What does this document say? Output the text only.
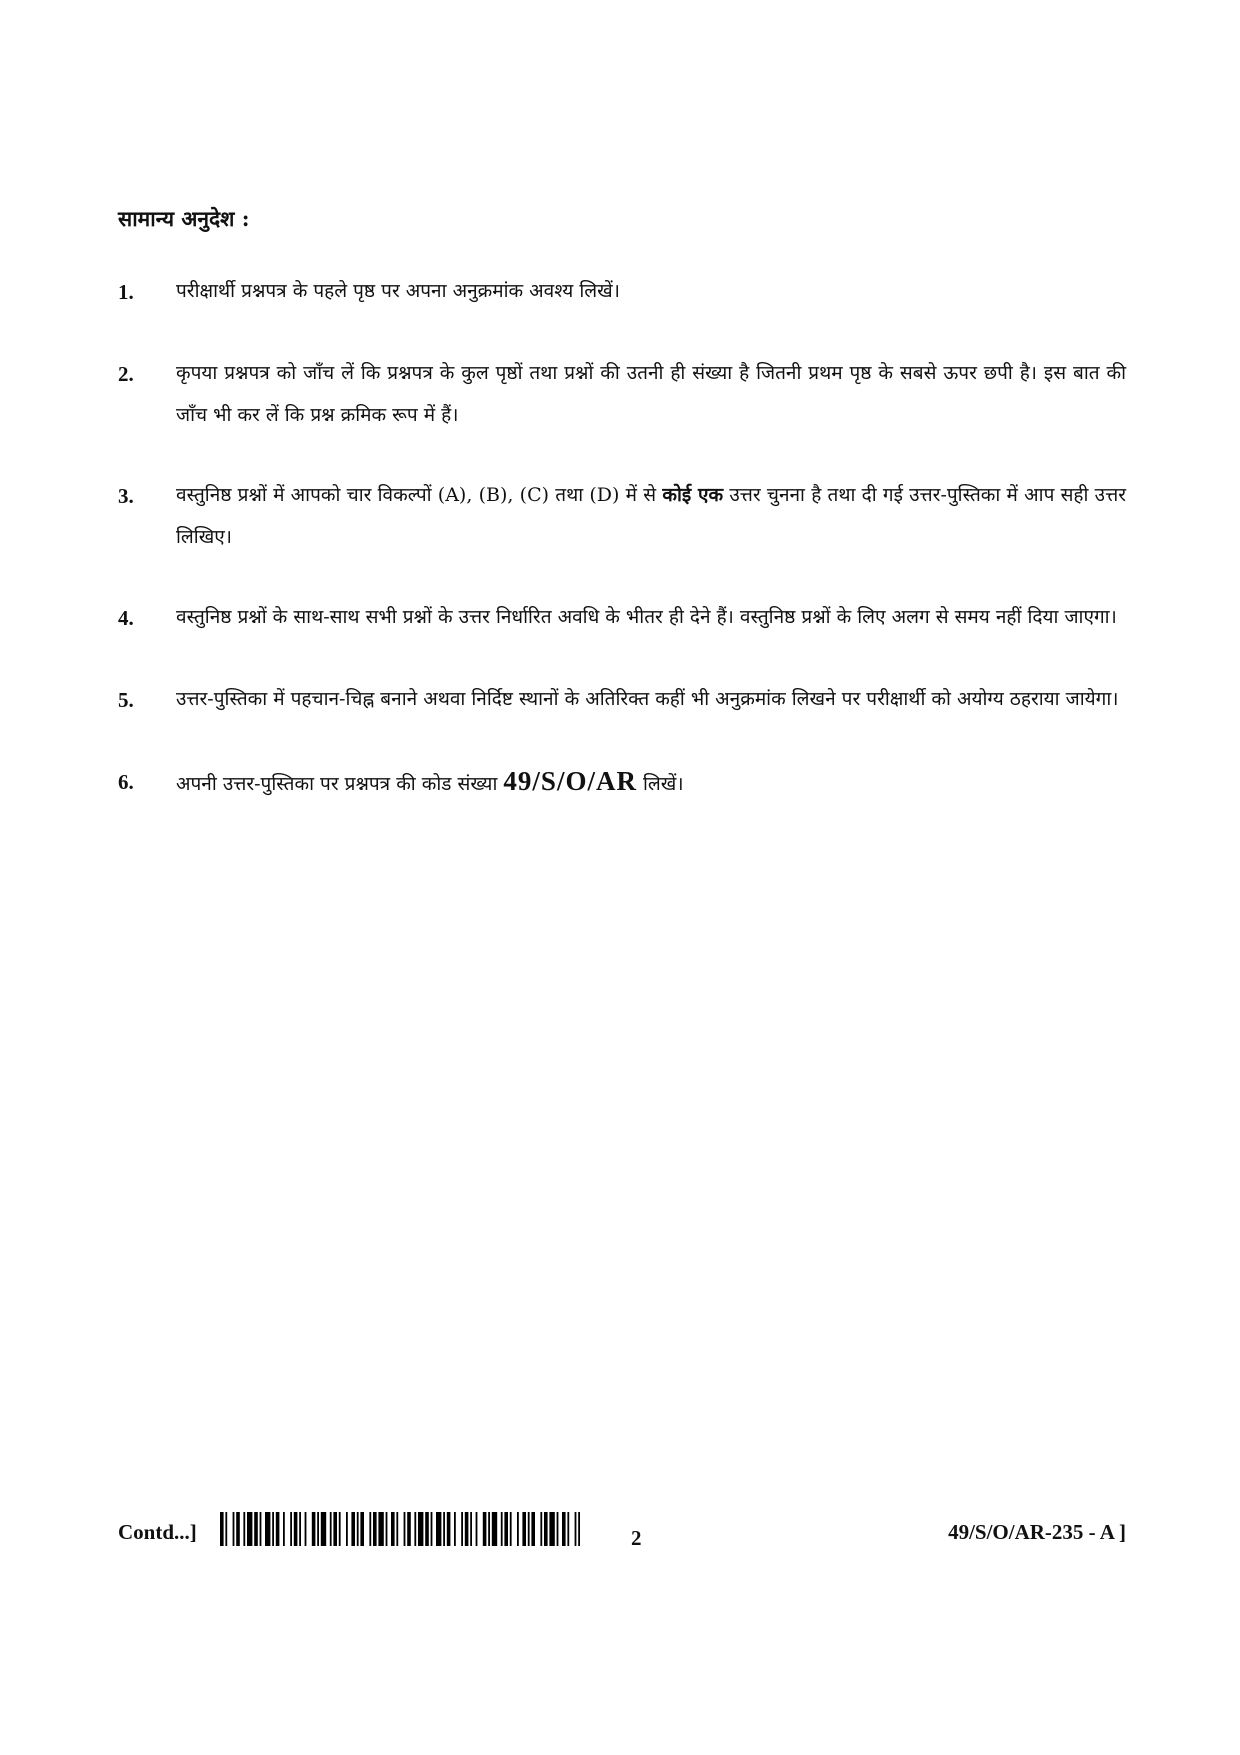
सामान्य अनुदेश :
1.	परीक्षार्थी प्रश्नपत्र के पहले पृष्ठ पर अपना अनुक्रमांक अवश्य लिखें।
2.	कृपया प्रश्नपत्र को जाँच लें कि प्रश्नपत्र के कुल पृष्ठों तथा प्रश्नों की उतनी ही संख्या है जितनी प्रथम पृष्ठ के सबसे ऊपर छपी है। इस बात की जाँच भी कर लें कि प्रश्न क्रमिक रूप में हैं।
3.	वस्तुनिष्ठ प्रश्नों में आपको चार विकल्पों (A), (B), (C) तथा (D) में से कोई एक उत्तर चुनना है तथा दी गई उत्तर-पुस्तिका में आप सही उत्तर लिखिए।
4.	वस्तुनिष्ठ प्रश्नों के साथ-साथ सभी प्रश्नों के उत्तर निर्धारित अवधि के भीतर ही देने हैं। वस्तुनिष्ठ प्रश्नों के लिए अलग से समय नहीं दिया जाएगा।
5.	उत्तर-पुस्तिका में पहचान-चिह्न बनाने अथवा निर्दिष्ट स्थानों के अतिरिक्त कहीं भी अनुक्रमांक लिखने पर परीक्षार्थी को अयोग्य ठहराया जायेगा।
6.	अपनी उत्तर-पुस्तिका पर प्रश्नपत्र की कोड संख्या 49/S/O/AR लिखें।
Contd...]	2	49/S/O/AR-235 - A ]
